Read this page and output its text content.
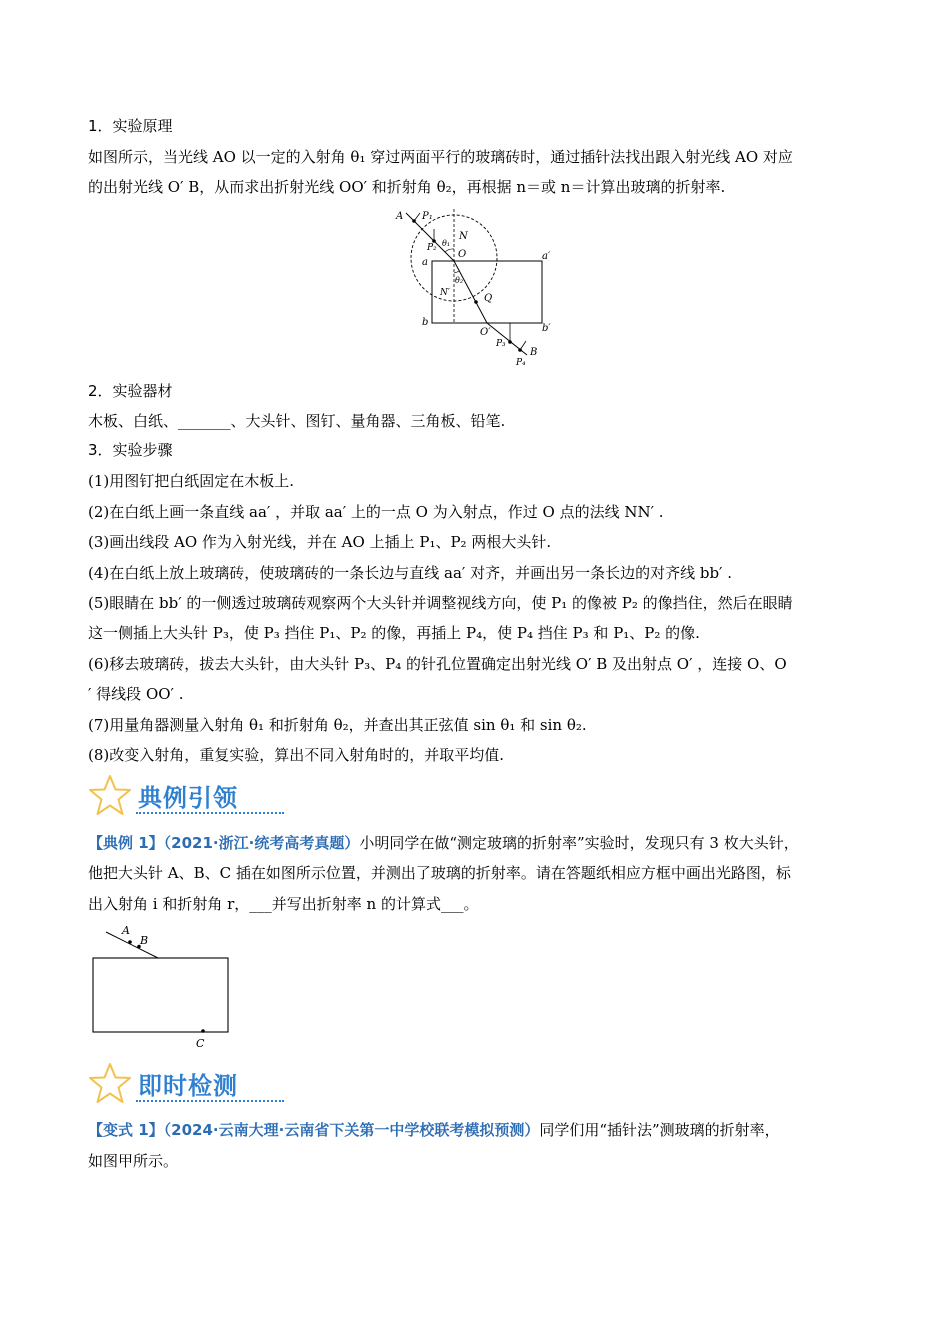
1．实验原理
如图所示，当光线 AO 以一定的入射角 θ₁ 穿过两面平行的玻璃砖时，通过插针法找出跟入射光线 AO 对应
的出射光线 O′ B，从而求出折射光线 OO′ 和折射角 θ₂，再根据 n＝或 n＝计算出玻璃的折射率.
A P₁
P₂
N
θ₁
O
a
a′
θ₂
N′	Q
b
O′	b′
P₃
B
P₄
2．实验器材
木板、白纸、_______、大头针、图钉、量角器、三角板、铅笔.
3．实验步骤
(1)用图钉把白纸固定在木板上.
(2)在白纸上画一条直线 aa′ ，并取 aa′ 上的一点 O 为入射点，作过 O 点的法线 NN′ .
(3)画出线段 AO 作为入射光线，并在 AO 上插上 P₁、P₂ 两根大头针.
(4)在白纸上放上玻璃砖，使玻璃砖的一条长边与直线 aa′ 对齐，并画出另一条长边的对齐线 bb′ .
(5)眼睛在 bb′ 的一侧透过玻璃砖观察两个大头针并调整视线方向，使 P₁ 的像被 P₂ 的像挡住，然后在眼睛
这一侧插上大头针 P₃，使 P₃ 挡住 P₁、P₂ 的像，再插上 P₄，使 P₄ 挡住 P₃ 和 P₁、P₂ 的像.
(6)移去玻璃砖，拔去大头针，由大头针 P₃、P₄ 的针孔位置确定出射光线 O′ B 及出射点 O′ ，连接 O、O
′ 得线段 OO′ .
(7)用量角器测量入射角 θ₁ 和折射角 θ₂，并查出其正弦值 sin θ₁ 和 sin θ₂.
(8)改变入射角，重复实验，算出不同入射角时的，并取平均值.
典例引领
【典例 1】（2021·浙江·统考高考真题）小明同学在做“测定玻璃的折射率”实验时，发现只有 3 枚大头针，
他把大头针 A、B、C 插在如图所示位置，并测出了玻璃的折射率。请在答题纸相应方框中画出光路图，标
出入射角 i 和折射角 r，___并写出折射率 n 的计算式___。
A
B
C
即时检测
【变式 1】（2024·云南大理·云南省下关第一中学校联考模拟预测）同学们用“插针法”测玻璃的折射率，
如图甲所示。
